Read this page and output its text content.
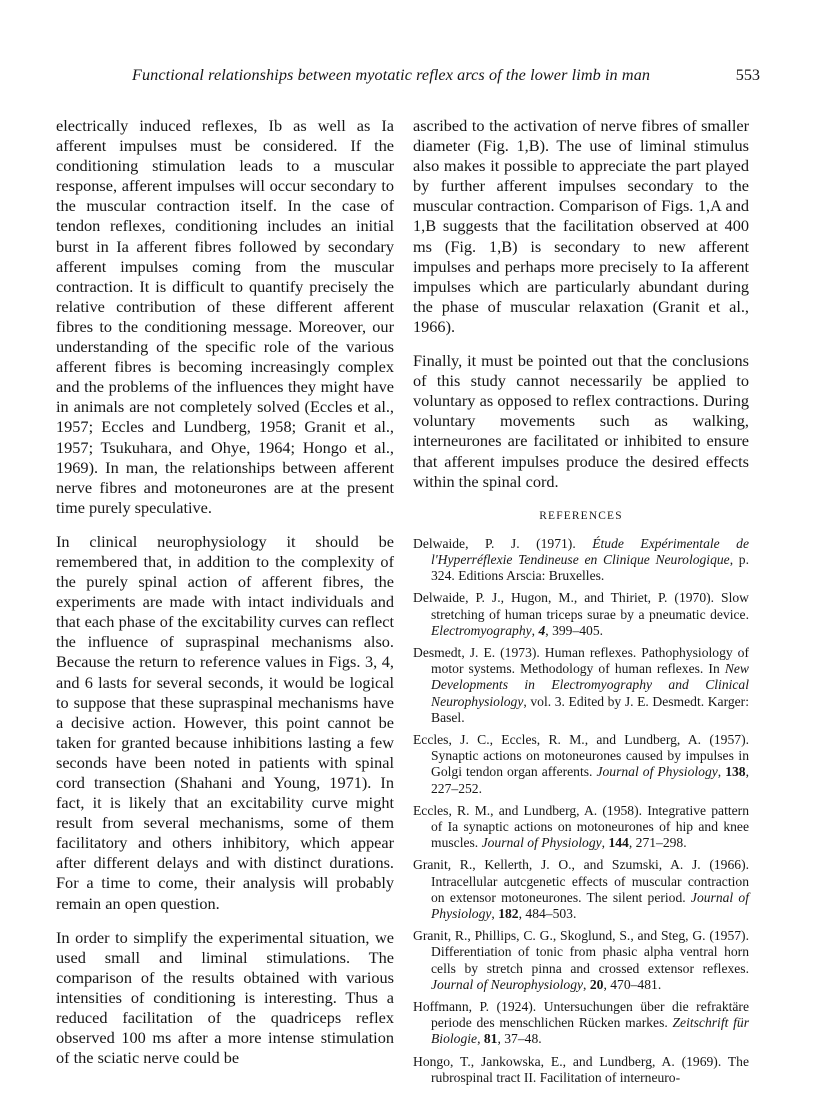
Functional relationships between myotatic reflex arcs of the lower limb in man	553

electrically induced reflexes, Ib as well as Ia afferent impulses must be considered. If the conditioning stimulation leads to a muscular response, afferent impulses will occur secondary to the muscular contraction itself. In the case of tendon reflexes, conditioning includes an initial burst in Ia afferent fibres followed by secondary afferent impulses coming from the muscular contraction. It is difficult to quantify precisely the relative contribution of these different afferent fibres to the conditioning message. Moreover, our understanding of the specific role of the various afferent fibres is becoming increasingly complex and the problems of the influences they might have in animals are not completely solved (Eccles et al., 1957; Eccles and Lundberg, 1958; Granit et al., 1957; Tsukuhara, and Ohye, 1964; Hongo et al., 1969). In man, the relationships between afferent nerve fibres and motoneurones are at the present time purely speculative.

In clinical neurophysiology it should be remembered that, in addition to the complexity of the purely spinal action of afferent fibres, the experiments are made with intact individuals and that each phase of the excitability curves can reflect the influence of supraspinal mechanisms also. Because the return to reference values in Figs. 3, 4, and 6 lasts for several seconds, it would be logical to suppose that these supraspinal mechanisms have a decisive action. However, this point cannot be taken for granted because inhibitions lasting a few seconds have been noted in patients with spinal cord transection (Shahani and Young, 1971). In fact, it is likely that an excitability curve might result from several mechanisms, some of them facilitatory and others inhibitory, which appear after different delays and with distinct durations. For a time to come, their analysis will probably remain an open question.

In order to simplify the experimental situation, we used small and liminal stimulations. The comparison of the results obtained with various intensities of conditioning is interesting. Thus a reduced facilitation of the quadriceps reflex observed 100 ms after a more intense stimulation of the sciatic nerve could be

ascribed to the activation of nerve fibres of smaller diameter (Fig. 1,B). The use of liminal stimulus also makes it possible to appreciate the part played by further afferent impulses secondary to the muscular contraction. Comparison of Figs. 1,A and 1,B suggests that the facilitation observed at 400 ms (Fig. 1,B) is secondary to new afferent impulses and perhaps more precisely to Ia afferent impulses which are particularly abundant during the phase of muscular relaxation (Granit et al., 1966).

Finally, it must be pointed out that the conclusions of this study cannot necessarily be applied to voluntary as opposed to reflex contractions. During voluntary movements such as walking, interneurones are facilitated or inhibited to ensure that afferent impulses produce the desired effects within the spinal cord.

REFERENCES

Delwaide, P. J. (1971). Étude Expérimentale de l'Hyperréflexie Tendineuse en Clinique Neurologique, p. 324. Editions Arscia: Bruxelles.

Delwaide, P. J., Hugon, M., and Thiriet, P. (1970). Slow stretching of human triceps surae by a pneumatic device. Electromyography, 4, 399–405.

Desmedt, J. E. (1973). Human reflexes. Pathophysiology of motor systems. Methodology of human reflexes. In New Developments in Electromyography and Clinical Neurophysiology, vol. 3. Edited by J. E. Desmedt. Karger: Basel.

Eccles, J. C., Eccles, R. M., and Lundberg, A. (1957). Synaptic actions on motoneurones caused by impulses in Golgi tendon organ afferents. Journal of Physiology, 138, 227–252.

Eccles, R. M., and Lundberg, A. (1958). Integrative pattern of Ia synaptic actions on motoneurones of hip and knee muscles. Journal of Physiology, 144, 271–298.

Granit, R., Kellerth, J. O., and Szumski, A. J. (1966). Intracellular autcgenetic effects of muscular contraction on extensor motoneurones. The silent period. Journal of Physiology, 182, 484–503.

Granit, R., Phillips, C. G., Skoglund, S., and Steg, G. (1957). Differentiation of tonic from phasic alpha ventral horn cells by stretch pinna and crossed extensor reflexes. Journal of Neurophysiology, 20, 470–481.

Hoffmann, P. (1924). Untersuchungen über die refraktäre periode des menschlichen Rücken markes. Zeitschrift für Biologie, 81, 37–48.

Hongo, T., Jankowska, E., and Lundberg, A. (1969). The rubrospinal tract II. Facilitation of interneuro-
